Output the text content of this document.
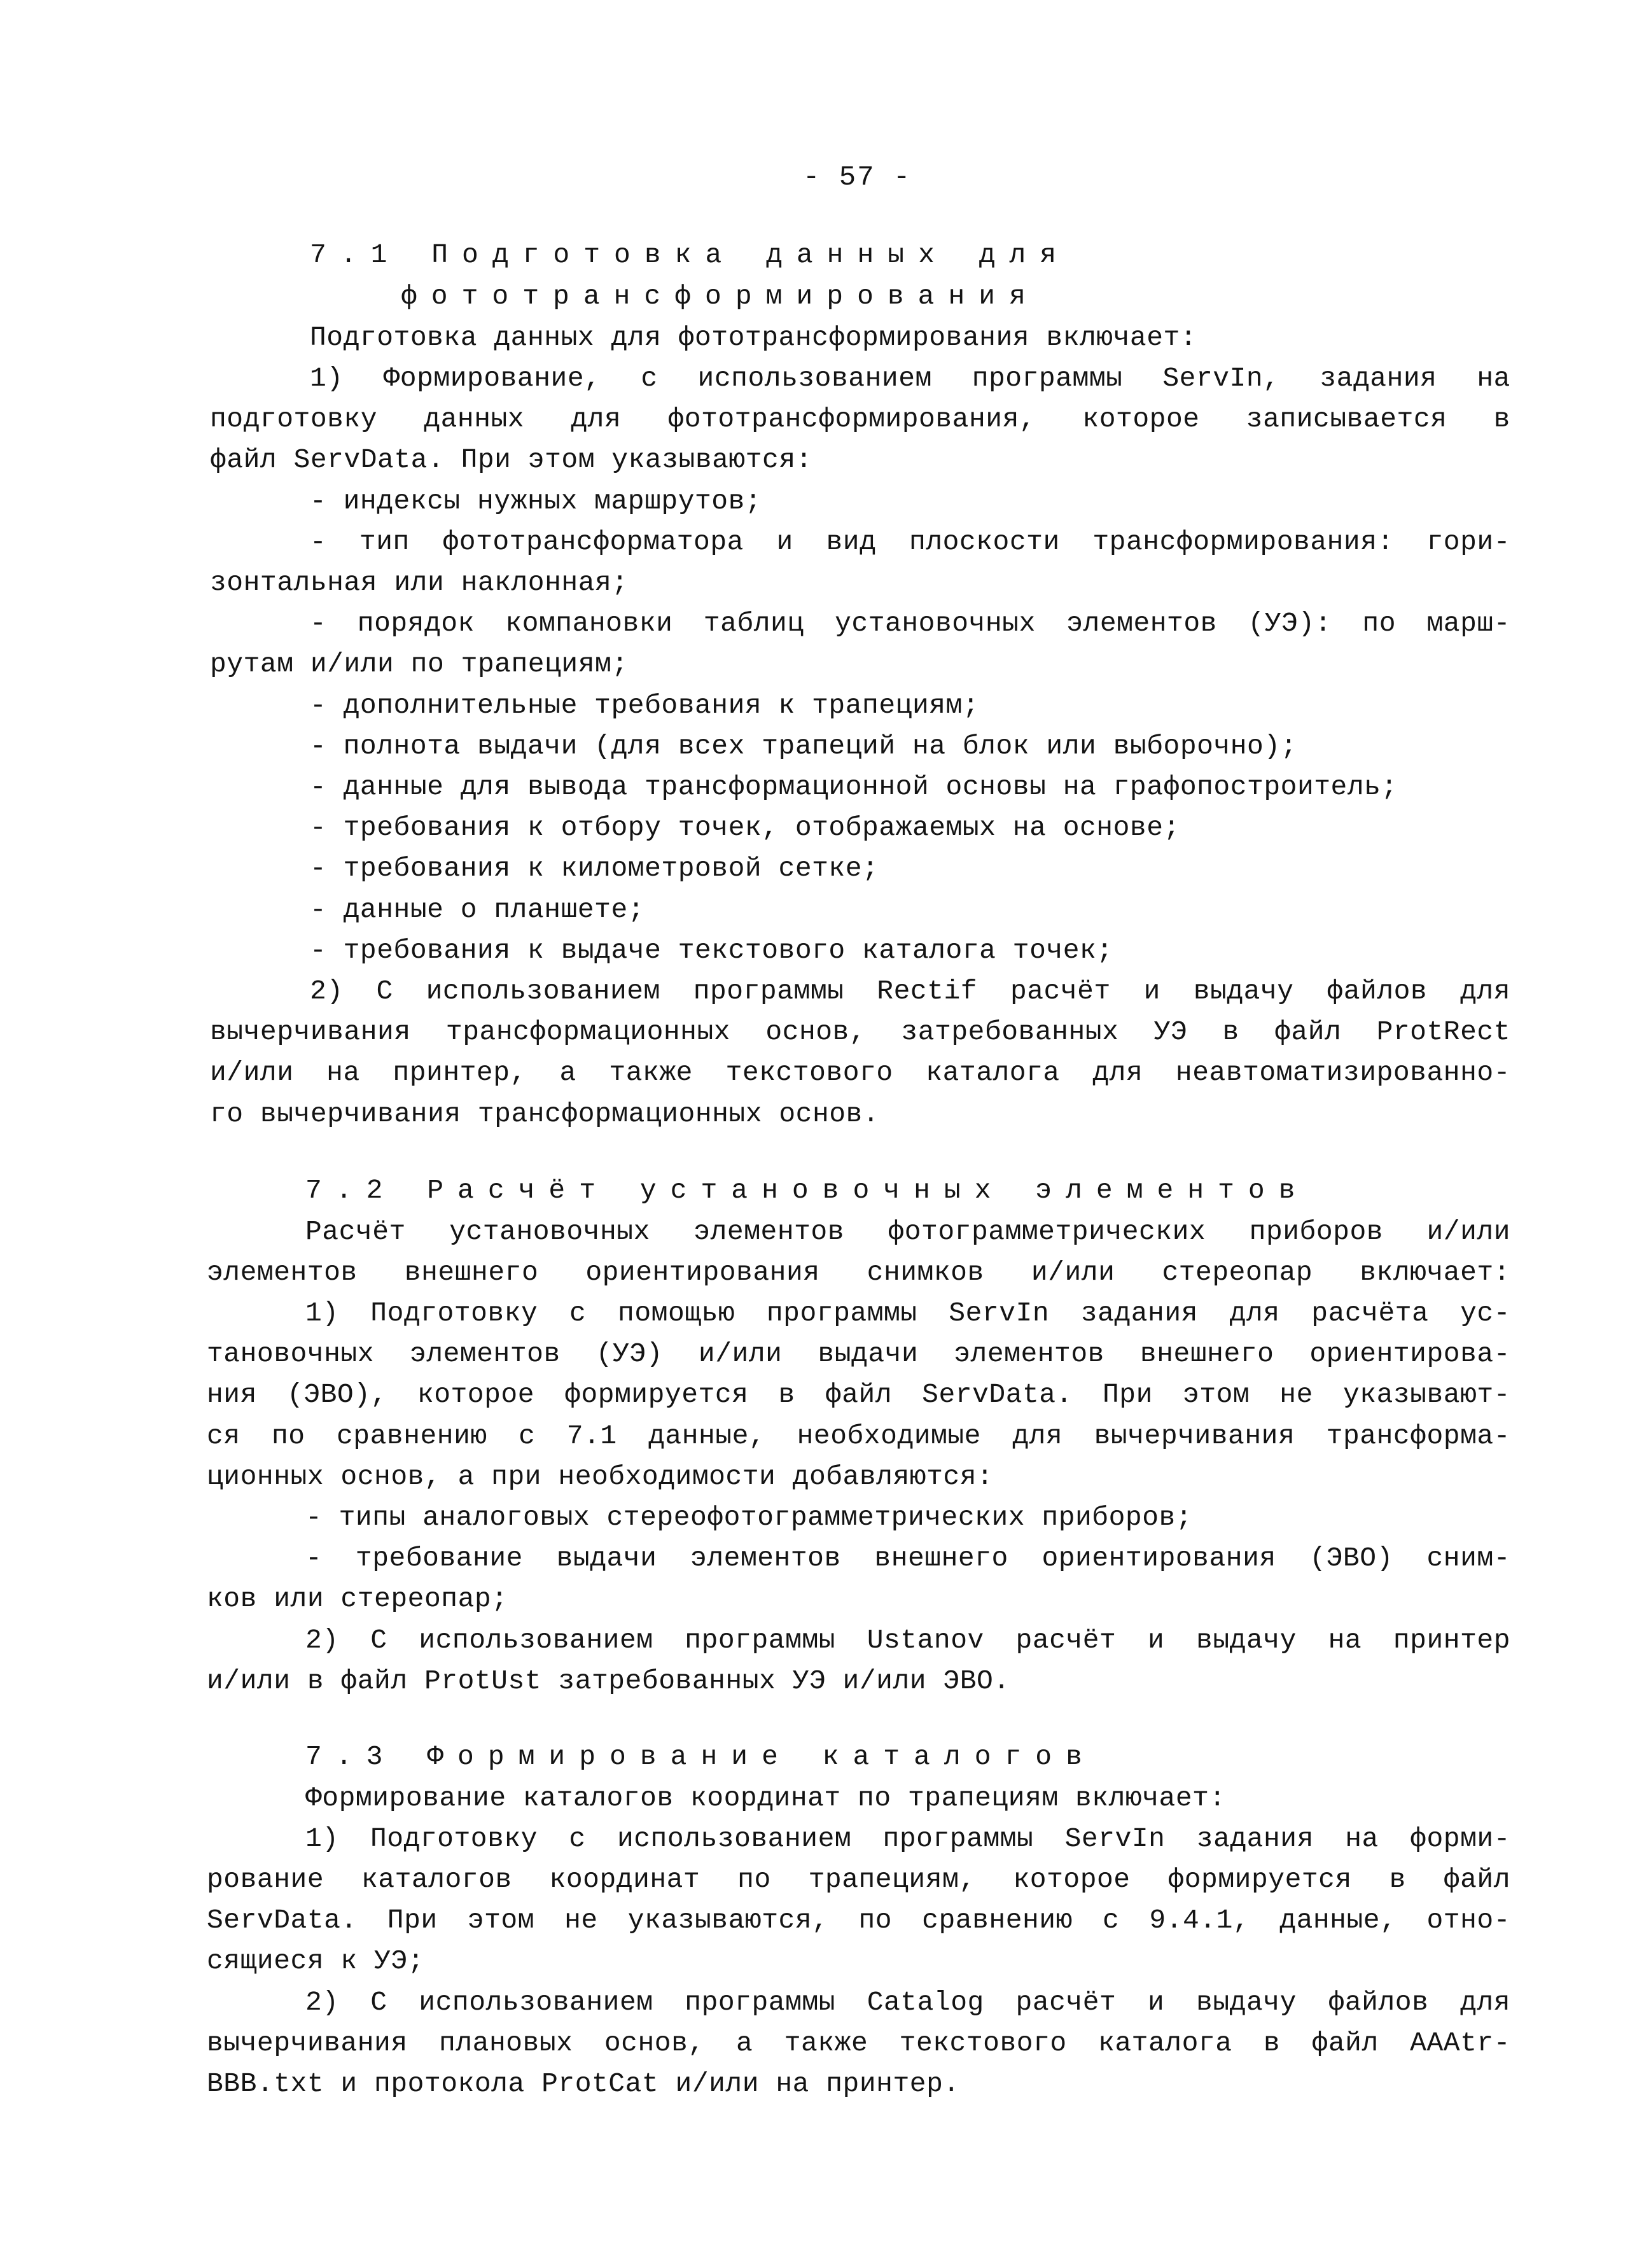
- 57 -
7.1 Подготовка данных для
фототрансформирования
Подготовка данных для фототрансформирования включает:
1) Формирование, с использованием программы ServIn, задания на
подготовку данных для фототрансформирования, которое записывается в
файл ServData. При этом указываются:
- индексы нужных маршрутов;
- тип фототрансформатора и вид плоскости трансформирования: гори-
зонтальная или наклонная;
- порядок компановки таблиц установочных элементов (УЭ): по марш-
рутам и/или по трапециям;
- дополнительные требования к трапециям;
- полнота выдачи (для всех трапеций на блок или выборочно);
- данные для вывода трансформационной основы на графопостроитель;
- требования к отбору точек, отображаемых на основе;
- требования к километровой сетке;
- данные о планшете;
- требования к выдаче текстового каталога точек;
2) С использованием программы Rectif расчёт и выдачу файлов для
вычерчивания трансформационных основ, затребованных УЭ в файл ProtRect
и/или на принтер, а также текстового каталога для неавтоматизированно-
го вычерчивания трансформационных основ.
7.2 Расчёт установочных элементов
Расчёт установочных элементов фотограмметрических приборов и/или
элементов внешнего ориентирования снимков и/или стереопар включает:
1) Подготовку с помощью программы ServIn задания для расчёта ус-
тановочных элементов (УЭ) и/или выдачи элементов внешнего ориентирова-
ния (ЭВО), которое формируется в файл ServData. При этом не указывают-
ся по сравнению с 7.1 данные, необходимые для вычерчивания трансформа-
ционных основ, а при необходимости добавляются:
- типы аналоговых стереофотограмметрических приборов;
- требование выдачи элементов внешнего ориентирования (ЭВО) сним-
ков или стереопар;
2) С использованием программы Ustanov расчёт и выдачу на принтер
и/или в файл ProtUst затребованных УЭ и/или ЭВО.
7.3 Формирование каталогов
Формирование каталогов координат по трапециям включает:
1) Подготовку с использованием программы ServIn задания на форми-
рование каталогов координат по трапециям, которое формируется в файл
ServData. При этом не указываются, по сравнению с 9.4.1, данные, отно-
сящиеся к УЭ;
2) С использованием программы Catalog расчёт и выдачу файлов для
вычерчивания плановых основ, а также текстового каталога в файл AAAtr-
BBB.txt и протокола ProtCat и/или на принтер.
